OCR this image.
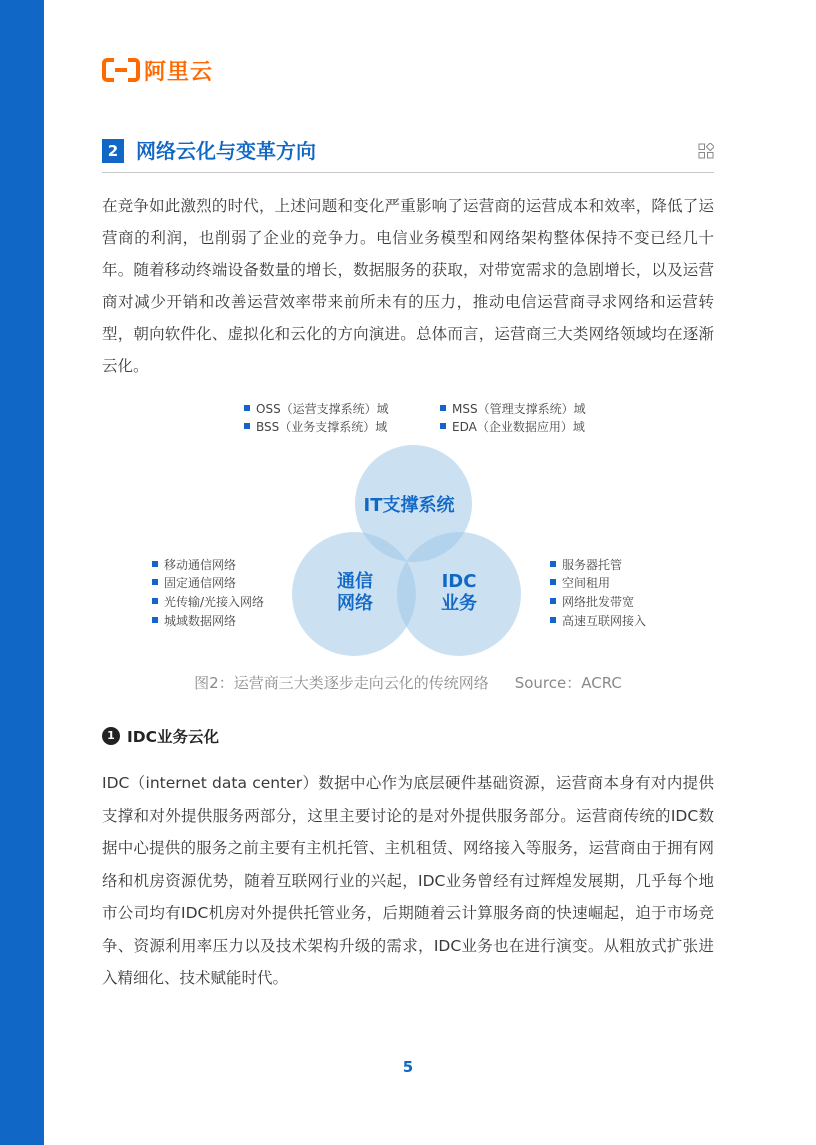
阿里云
2 网络云化与变革方向

在竞争如此激烈的时代，上述问题和变化严重影响了运营商的运营成本和效率，降低了运营商的利润，也削弱了企业的竞争力。电信业务模型和网络架构整体保持不变已经几十年。随着移动终端设备数量的增长，数据服务的获取，对带宽需求的急剧增长，以及运营商对减少开销和改善运营效率带来前所未有的压力，推动电信运营商寻求网络和运营转型，朝向软件化、虚拟化和云化的方向演进。总体而言，运营商三大类网络领域均在逐渐云化。

OSS（运营支撑系统）域	MSS（管理支撑系统）域
BSS（业务支撑系统）域	EDA（企业数据应用）域
IT支撑系统
通信
网络
IDC
业务
移动通信网络
固定通信网络
光传输/光接入网络
城域数据网络
服务器托管
空间租用
网络批发带宽
高速互联网接入
图2：运营商三大类逐步走向云化的传统网络 Source：ACRC
1 IDC业务云化

IDC（internet data center）数据中心作为底层硬件基础资源，运营商本身有对内提供支撑和对外提供服务两部分，这里主要讨论的是对外提供服务部分。运营商传统的IDC数据中心提供的服务之前主要有主机托管、主机租赁、网络接入等服务，运营商由于拥有网络和机房资源优势，随着互联网行业的兴起，IDC业务曾经有过辉煌发展期，几乎每个地市公司均有IDC机房对外提供托管业务，后期随着云计算服务商的快速崛起，迫于市场竞争、资源利用率压力以及技术架构升级的需求，IDC业务也在进行演变。从粗放式扩张进入精细化、技术赋能时代。

5
